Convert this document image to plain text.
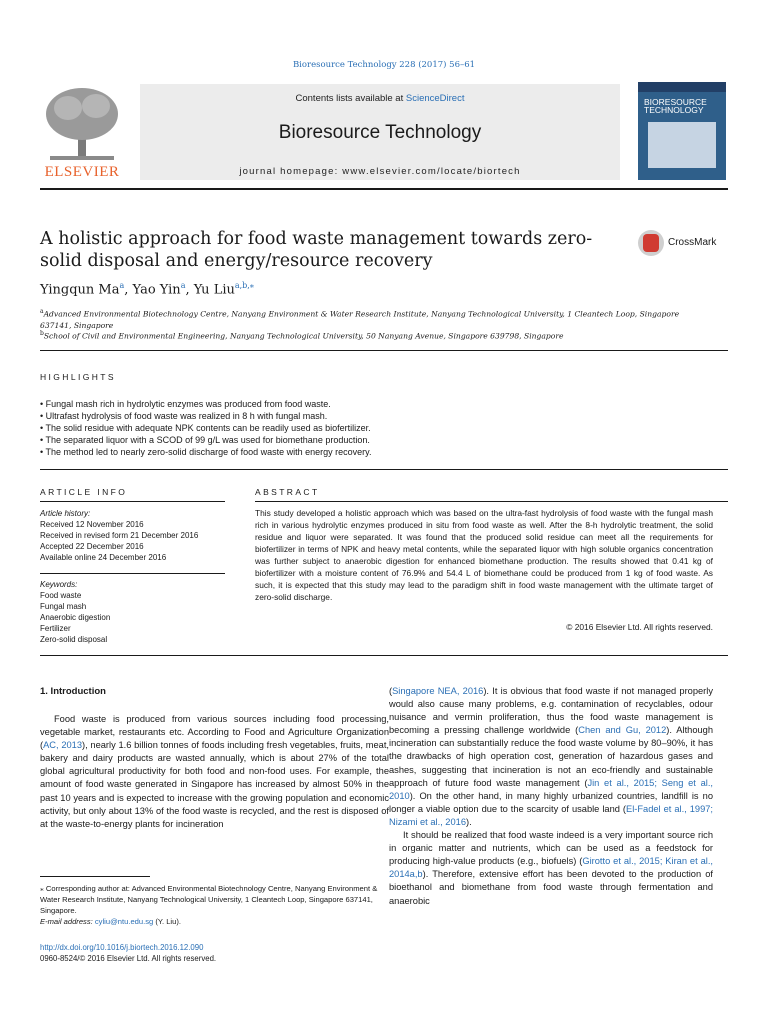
Bioresource Technology 228 (2017) 56–61
ELSEVIER
Contents lists available at ScienceDirect
Bioresource Technology
journal homepage: www.elsevier.com/locate/biortech
BIORESOURCE TECHNOLOGY
A holistic approach for food waste management towards zero-solid disposal and energy/resource recovery
CrossMark
Yingqun Ma$^a$, Yao Yin$^a$, Yu Liu$^{a,b,⁎}$
$^a$Advanced Environmental Biotechnology Centre, Nanyang Environment & Water Research Institute, Nanyang Technological University, 1 Cleantech Loop, Singapore 637141, Singapore
$^b$School of Civil and Environmental Engineering, Nanyang Technological University, 50 Nanyang Avenue, Singapore 639798, Singapore
HIGHLIGHTS
• Fungal mash rich in hydrolytic enzymes was produced from food waste.
• Ultrafast hydrolysis of food waste was realized in 8 h with fungal mash.
• The solid residue with adequate NPK contents can be readily used as biofertilizer.
• The separated liquor with a SCOD of 99 g/L was used for biomethane production.
• The method led to nearly zero-solid discharge of food waste with energy recovery.
ARTICLE INFO
Article history:
Received 12 November 2016
Received in revised form 21 December 2016
Accepted 22 December 2016
Available online 24 December 2016
Keywords:
Food waste
Fungal mash
Anaerobic digestion
Fertilizer
Zero-solid disposal
ABSTRACT
This study developed a holistic approach which was based on the ultra-fast hydrolysis of food waste with the fungal mash rich in various hydrolytic enzymes produced in situ from food waste as well. After the 8-h hydrolytic treatment, the solid residue and liquor were separated. It was found that the produced solid residue can meet all the requirements for biofertilizer in terms of NPK and heavy metal contents, while the separated liquor with high soluble organics concentration was further subject to anaerobic digestion for enhanced biomethane production. The results showed that 0.41 kg of biofertilizer with a moisture content of 76.9% and 54.4 L of biomethane could be produced from 1 kg of food waste. As such, it is expected that this study may lead to the paradigm shift in food waste management with the ultimate target of zero-solid discharge.
© 2016 Elsevier Ltd. All rights reserved.
1. Introduction

Food waste is produced from various sources including food processing, vegetable market, restaurants etc. According to Food and Agriculture Organization (AC, 2013), nearly 1.6 billion tonnes of foods including fresh vegetables, fruits, meat, bakery and dairy products are wasted annually, which is about 27% of the total global agricultural productivity for both food and non-food uses. For example, the amount of food waste generated in Singapore has increased by almost 50% in the past 10 years and is expected to increase with the growing population and economic activity, but only about 13% of the food waste is recycled, and the rest is disposed of at the waste-to-energy plants for incineration

(Singapore NEA, 2016). It is obvious that food waste if not managed properly would also cause many problems, e.g. contamination of recyclables, odour nuisance and vermin proliferation, thus the food waste management is becoming a pressing challenge worldwide (Chen and Gu, 2012). Although incineration can substantially reduce the food waste volume by 80–90%, it has the drawbacks of high operation cost, generation of hazardous gases and ashes, suggesting that incineration is not an eco-friendly and sustainable approach of future food waste management (Jin et al., 2015; Seng et al., 2010). On the other hand, in many highly urbanized countries, landfill is no longer a viable option due to the scarcity of usable land (El-Fadel et al., 1997; Nizami et al., 2016).

It should be realized that food waste indeed is a very important source rich in organic matter and nutrients, which can be used as a feedstock for producing high-value products (e.g., biofuels) (Girotto et al., 2015; Kiran et al., 2014a,b). Therefore, extensive effort has been devoted to the production of bioethanol and biomethane from food waste through fermentation and anaerobic

⁎ Corresponding author at: Advanced Environmental Biotechnology Centre, Nanyang Environment & Water Research Institute, Nanyang Technological University, 1 Cleantech Loop, Singapore 637141, Singapore.
E-mail address: cyliu@ntu.edu.sg (Y. Liu).
http://dx.doi.org/10.1016/j.biortech.2016.12.090
0960-8524/© 2016 Elsevier Ltd. All rights reserved.
